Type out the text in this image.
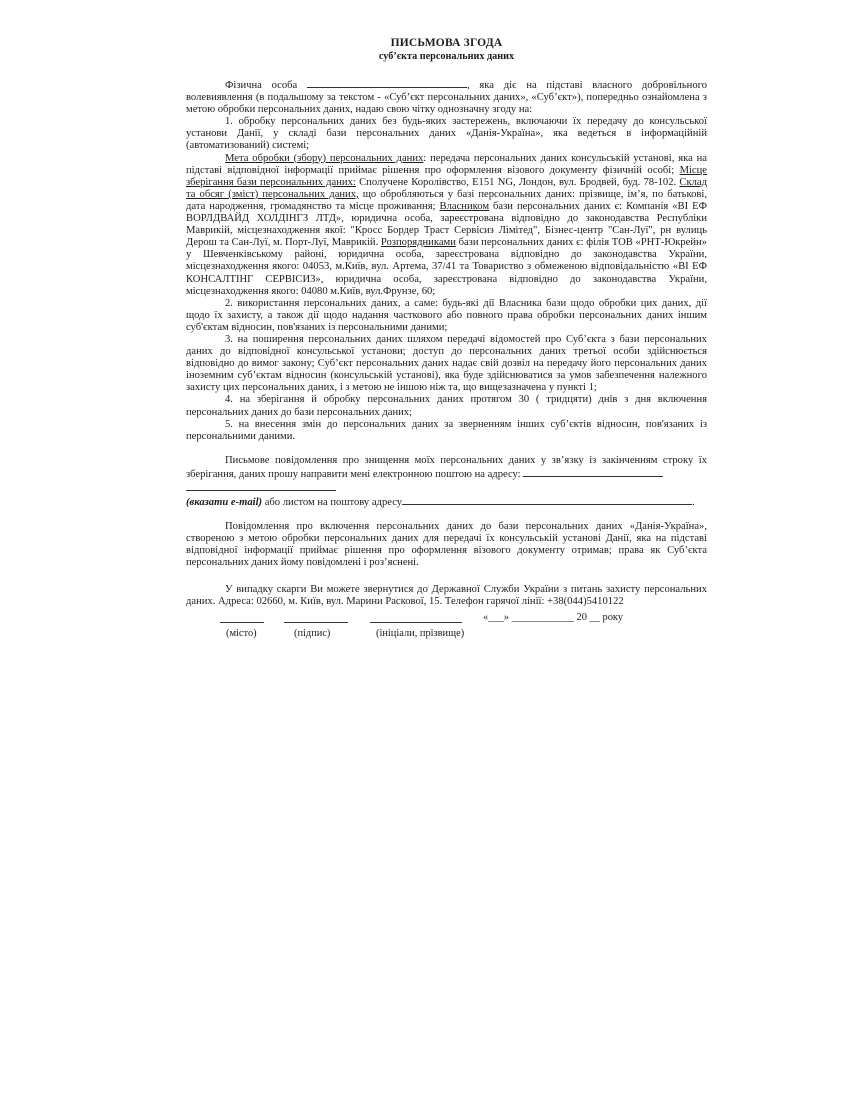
ПИСЬМОВА ЗГОДА
суб’єкта персональних даних

Фізична особа	, яка діє на підставі власного добровільного волевиявлення (в подальшому за текстом - «Суб’єкт персональних даних», «Суб’єкт»), попередньо ознайомлена з метою обробки персональних даних, надаю свою чітку однозначну згоду на:

1. обробку персональних даних без будь-яких застережень, включаючи їх передачу до консульської установи Данії, у складі бази персональних даних «Данія-Україна», яка ведеться в інформаційній (автоматизований) системі;

Мета обробки (збору) персональних даних: передача персональних даних консульській установі, яка на підставі відповідної інформації приймає рішення про оформлення візового документу фізичній особі; Місце зберігання бази персональних даних: Сполучене Королівство, E151 NG, Лондон, вул. Бродвей, буд. 78-102. Склад та обсяг (зміст) персональних даних, що обробляються у базі персональних даних: прізвище, ім’я, по батькові, дата народження, громадянство та місце проживання; Власником бази персональних даних є: Компанія «ВІ ЕФ ВОРЛДВАЙД ХОЛДІНГЗ ЛТД», юридична особа, зареєстрована відповідно до законодавства Республіки Маврикій, місцезнаходження якої: "Кросс Бордер Траст Сервісиз Лімітед", Бізнес-центр "Сан-Луї", рн вулиць Дерош та Сан-Луї, м. Порт-Луї, Маврикій. Розпорядниками бази персональних даних є: філія ТОВ «РНТ-Юкрейн» у Шевченківському районі, юридична особа, зареєстрована відповідно до законодавства України, місцезнаходження якого: 04053, м.Київ, вул. Артема, 37/41 та Товариство з обмеженою відповідальністю «ВІ ЕФ КОНСАЛТІНГ СЕРВІСИЗ», юридична особа, зареєстрована відповідно до законодавства України, місцезнаходження якого: 04080 м.Київ, вул.Фрунзе, 60;

2. використання персональних даних, а саме: будь-які дії Власника бази щодо обробки цих даних, дії щодо їх захисту, а також дії щодо надання часткового або повного права обробки персональних даних іншим суб'єктам відносин, пов'язаних із персональними даними;

3. на поширення персональних даних шляхом передачі відомостей про Суб’єкта з бази персональних даних до відповідної консульської установи; доступ до персональних даних третьої особи здійснюється відповідно до вимог закону; Суб’єкт персональних даних надає свій дозвіл на передачу його персональних даних іноземним суб’єктам відносин (консульській установі), яка буде здійснюватися за умов забезпечення належного захисту цих персональних даних, і з метою не іншою ніж та, що вищезазначена у пункті 1;

4. на зберігання й обробку персональних даних протягом 30 ( тридцяти) днів з дня включення персональних даних до бази персональних даних;

5. на внесення змін до персональних даних за зверненням інших суб’єктів відносин, пов'язаних із персональними даними.

Письмове повідомлення про знищення моїх персональних даних у зв’язку із закінченням строку їх зберігання, даних прошу направити мені електронною поштою на адресу:

(вказати e-mail) або листом на поштову адресу	.

Повідомлення про включення персональних даних до бази персональних даних «Данія-Україна», створеною з метою обробки персональних даних для передачі їх консульській установі Данії, яка на підставі відповідної інформації приймає рішення про оформлення візового документу отримав; права як Суб’єкта персональних даних йому повідомлені і роз’яснені.

У випадку скарги Ви можете звернутися до Державної Служби України з питань захисту персональних даних. Адреса: 02660, м. Київ, вул. Марини Раскової, 15. Телефон гарячої лінії: +38(044)5410122

(місто)	(підпис)	(ініціали, прізвище)
«___» ____________ 20 __ року
